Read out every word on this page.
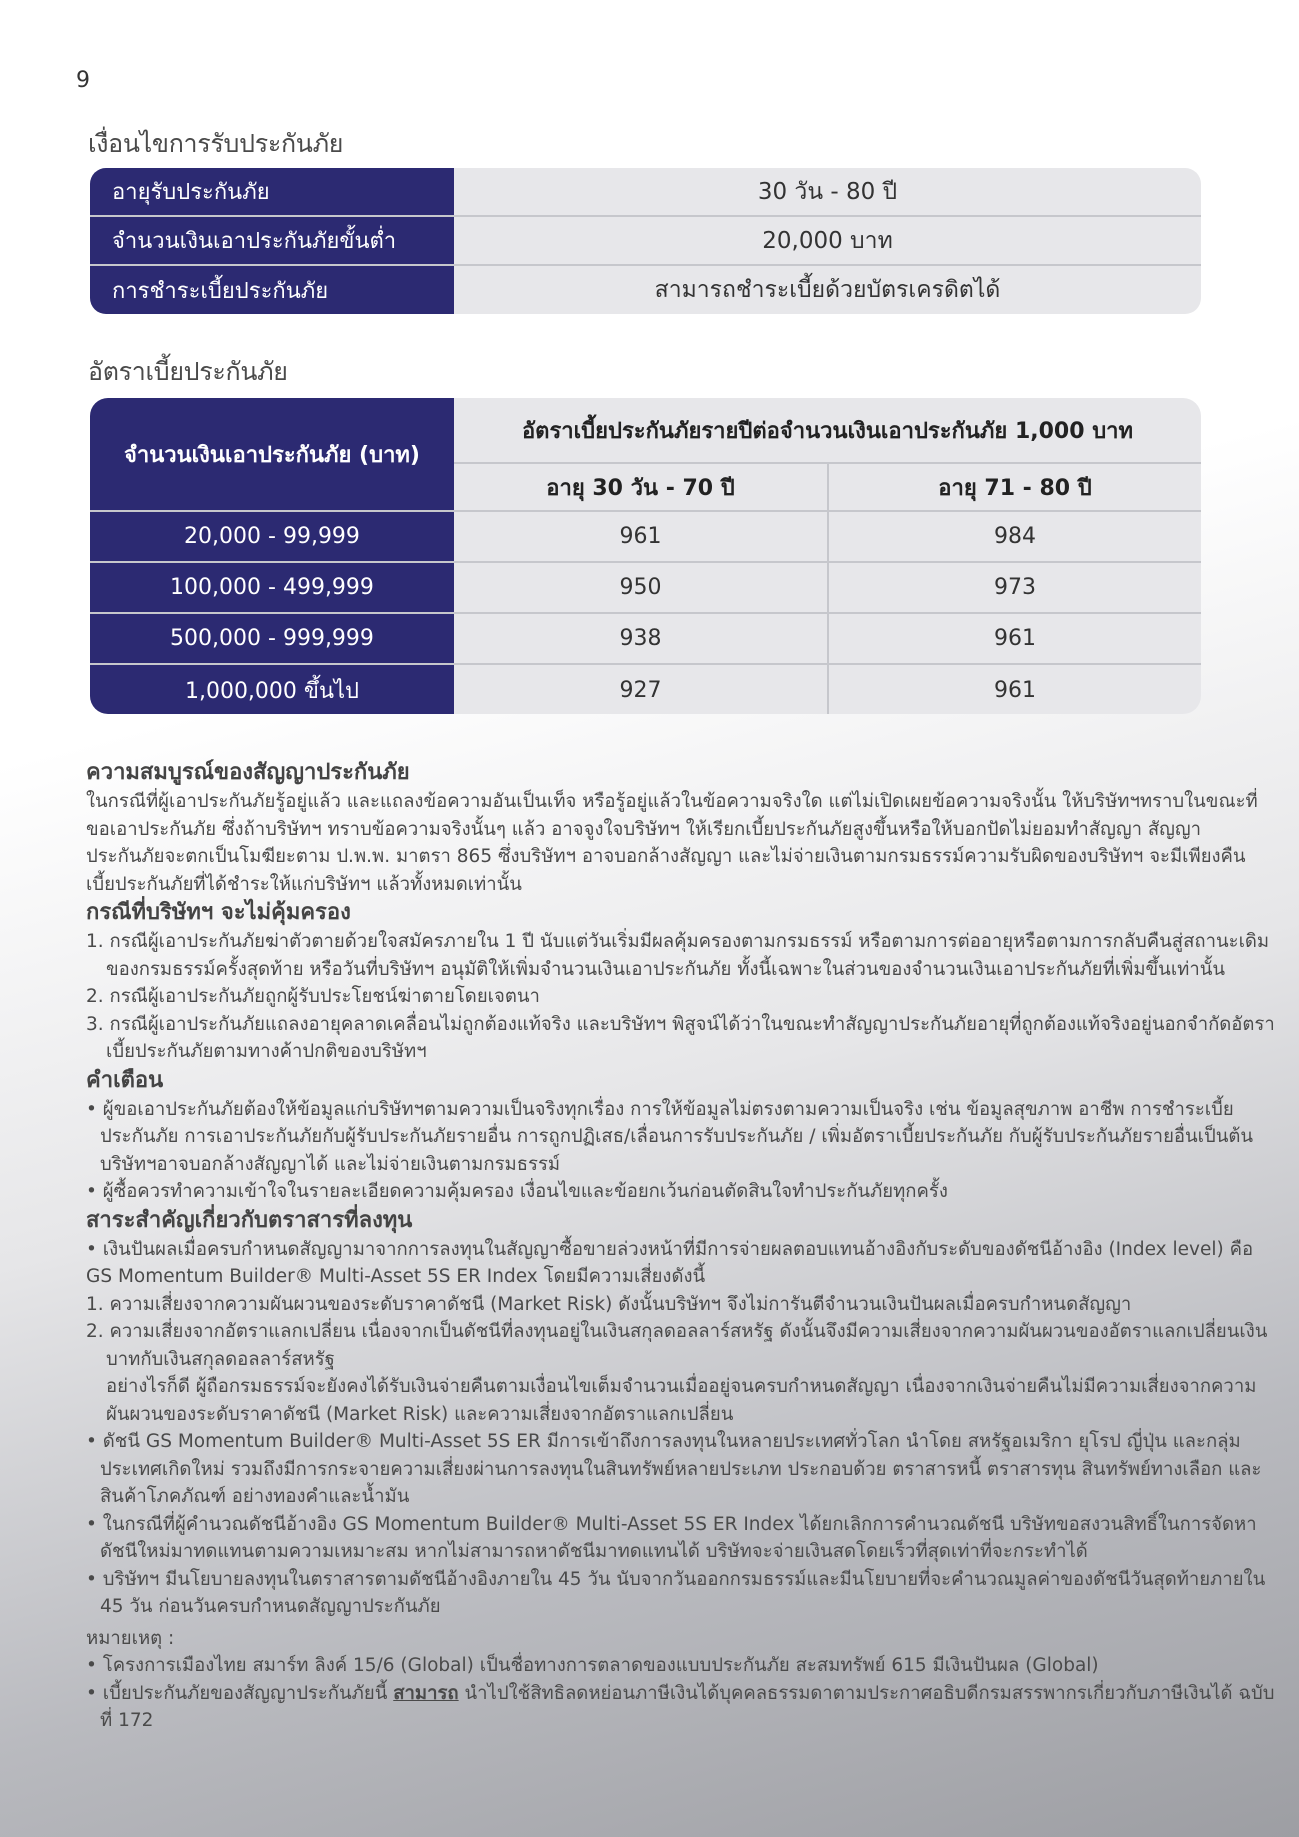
9
เงื่อนไขการรับประกันภัย
อายุรับประกันภัย	30 วัน - 80 ปี
จำนวนเงินเอาประกันภัยขั้นต่ำ	20,000 บาท
การชำระเบี้ยประกันภัย	สามารถชำระเบี้ยด้วยบัตรเครดิตได้
อัตราเบี้ยประกันภัย
จำนวนเงินเอาประกันภัย (บาท)
อัตราเบี้ยประกันภัยรายปีต่อจำนวนเงินเอาประกันภัย 1,000 บาท
อายุ 30 วัน - 70 ปี	อายุ 71 - 80 ปี
20,000 - 99,999	961	984
100,000 - 499,999	950	973
500,000 - 999,999	938	961
1,000,000 ขึ้นไป	927	961
ความสมบูรณ์ของสัญญาประกันภัย
ในกรณีที่ผู้เอาประกันภัยรู้อยู่แล้ว และแถลงข้อความอันเป็นเท็จ หรือรู้อยู่แล้วในข้อความจริงใด แต่ไม่เปิดเผยข้อความจริงนั้น ให้บริษัทฯทราบในขณะที่
ขอเอาประกันภัย ซึ่งถ้าบริษัทฯ ทราบข้อความจริงนั้นๆ แล้ว อาจจูงใจบริษัทฯ ให้เรียกเบี้ยประกันภัยสูงขึ้นหรือให้บอกปัดไม่ยอมทำสัญญา สัญญา
ประกันภัยจะตกเป็นโมฆียะตาม ป.พ.พ. มาตรา 865 ซึ่งบริษัทฯ อาจบอกล้างสัญญา และไม่จ่ายเงินตามกรมธรรม์ความรับผิดของบริษัทฯ จะมีเพียงคืน
เบี้ยประกันภัยที่ได้ชำระให้แก่บริษัทฯ แล้วทั้งหมดเท่านั้น
กรณีที่บริษัทฯ จะไม่คุ้มครอง
1. กรณีผู้เอาประกันภัยฆ่าตัวตายด้วยใจสมัครภายใน 1 ปี นับแต่วันเริ่มมีผลคุ้มครองตามกรมธรรม์ หรือตามการต่ออายุหรือตามการกลับคืนสู่สถานะเดิมของกรมธรรม์ครั้งสุดท้าย หรือวันที่บริษัทฯ อนุมัติให้เพิ่มจำนวนเงินเอาประกันภัย ทั้งนี้เฉพาะในส่วนของจำนวนเงินเอาประกันภัยที่เพิ่มขึ้นเท่านั้น
2. กรณีผู้เอาประกันภัยถูกผู้รับประโยชน์ฆ่าตายโดยเจตนา
3. กรณีผู้เอาประกันภัยแถลงอายุคลาดเคลื่อนไม่ถูกต้องแท้จริง และบริษัทฯ พิสูจน์ได้ว่าในขณะทำสัญญาประกันภัยอายุที่ถูกต้องแท้จริงอยู่นอกจำกัดอัตราเบี้ยประกันภัยตามทางค้าปกติของบริษัทฯ
คำเตือน
• ผู้ขอเอาประกันภัยต้องให้ข้อมูลแก่บริษัทฯตามความเป็นจริงทุกเรื่อง การให้ข้อมูลไม่ตรงตามความเป็นจริง เช่น ข้อมูลสุขภาพ อาชีพ การชำระเบี้ยประกันภัย การเอาประกันภัยกับผู้รับประกันภัยรายอื่น การถูกปฏิเสธ/เลื่อนการรับประกันภัย / เพิ่มอัตราเบี้ยประกันภัย กับผู้รับประกันภัยรายอื่นเป็นต้น บริษัทฯอาจบอกล้างสัญญาได้ และไม่จ่ายเงินตามกรมธรรม์
• ผู้ซื้อควรทำความเข้าใจในรายละเอียดความคุ้มครอง เงื่อนไขและข้อยกเว้นก่อนตัดสินใจทำประกันภัยทุกครั้ง
สาระสำคัญเกี่ยวกับตราสารที่ลงทุน
• เงินปันผลเมื่อครบกำหนดสัญญามาจากการลงทุนในสัญญาซื้อขายล่วงหน้าที่มีการจ่ายผลตอบแทนอ้างอิงกับระดับของดัชนีอ้างอิง (Index level) คือ GS Momentum Builder® Multi-Asset 5S ER Index โดยมีความเสี่ยงดังนี้
1. ความเสี่ยงจากความผันผวนของระดับราคาดัชนี (Market Risk) ดังนั้นบริษัทฯ จึงไม่การันตีจำนวนเงินปันผลเมื่อครบกำหนดสัญญา
2. ความเสี่ยงจากอัตราแลกเปลี่ยน เนื่องจากเป็นดัชนีที่ลงทุนอยู่ในเงินสกุลดอลลาร์สหรัฐ ดังนั้นจึงมีความเสี่ยงจากความผันผวนของอัตราแลกเปลี่ยนเงินบาทกับเงินสกุลดอลลาร์สหรัฐ
อย่างไรก็ดี ผู้ถือกรมธรรม์จะยังคงได้รับเงินจ่ายคืนตามเงื่อนไขเต็มจำนวนเมื่ออยู่จนครบกำหนดสัญญา เนื่องจากเงินจ่ายคืนไม่มีความเสี่ยงจากความผันผวนของระดับราคาดัชนี (Market Risk) และความเสี่ยงจากอัตราแลกเปลี่ยน
• ดัชนี GS Momentum Builder® Multi-Asset 5S ER มีการเข้าถึงการลงทุนในหลายประเทศทั่วโลก นำโดย สหรัฐอเมริกา ยุโรป ญี่ปุ่น และกลุ่มประเทศเกิดใหม่ รวมถึงมีการกระจายความเสี่ยงผ่านการลงทุนในสินทรัพย์หลายประเภท ประกอบด้วย ตราสารหนี้ ตราสารทุน สินทรัพย์ทางเลือก และสินค้าโภคภัณฑ์ อย่างทองคำและน้ำมัน
• ในกรณีที่ผู้คำนวณดัชนีอ้างอิง GS Momentum Builder® Multi-Asset 5S ER Index ได้ยกเลิกการคำนวณดัชนี บริษัทขอสงวนสิทธิ์ในการจัดหาดัชนีใหม่มาทดแทนตามความเหมาะสม หากไม่สามารถหาดัชนีมาทดแทนได้ บริษัทจะจ่ายเงินสดโดยเร็วที่สุดเท่าที่จะกระทำได้
• บริษัทฯ มีนโยบายลงทุนในตราสารตามดัชนีอ้างอิงภายใน 45 วัน นับจากวันออกกรมธรรม์และมีนโยบายที่จะคำนวณมูลค่าของดัชนีวันสุดท้ายภายใน 45 วัน ก่อนวันครบกำหนดสัญญาประกันภัย
หมายเหตุ :
• โครงการเมืองไทย สมาร์ท ลิงค์ 15/6 (Global) เป็นชื่อทางการตลาดของแบบประกันภัย สะสมทรัพย์ 615 มีเงินปันผล (Global)
• เบี้ยประกันภัยของสัญญาประกันภัยนี้ สามารถ นำไปใช้สิทธิลดหย่อนภาษีเงินได้บุคคลธรรมดาตามประกาศอธิบดีกรมสรรพากรเกี่ยวกับภาษีเงินได้ ฉบับที่ 172
